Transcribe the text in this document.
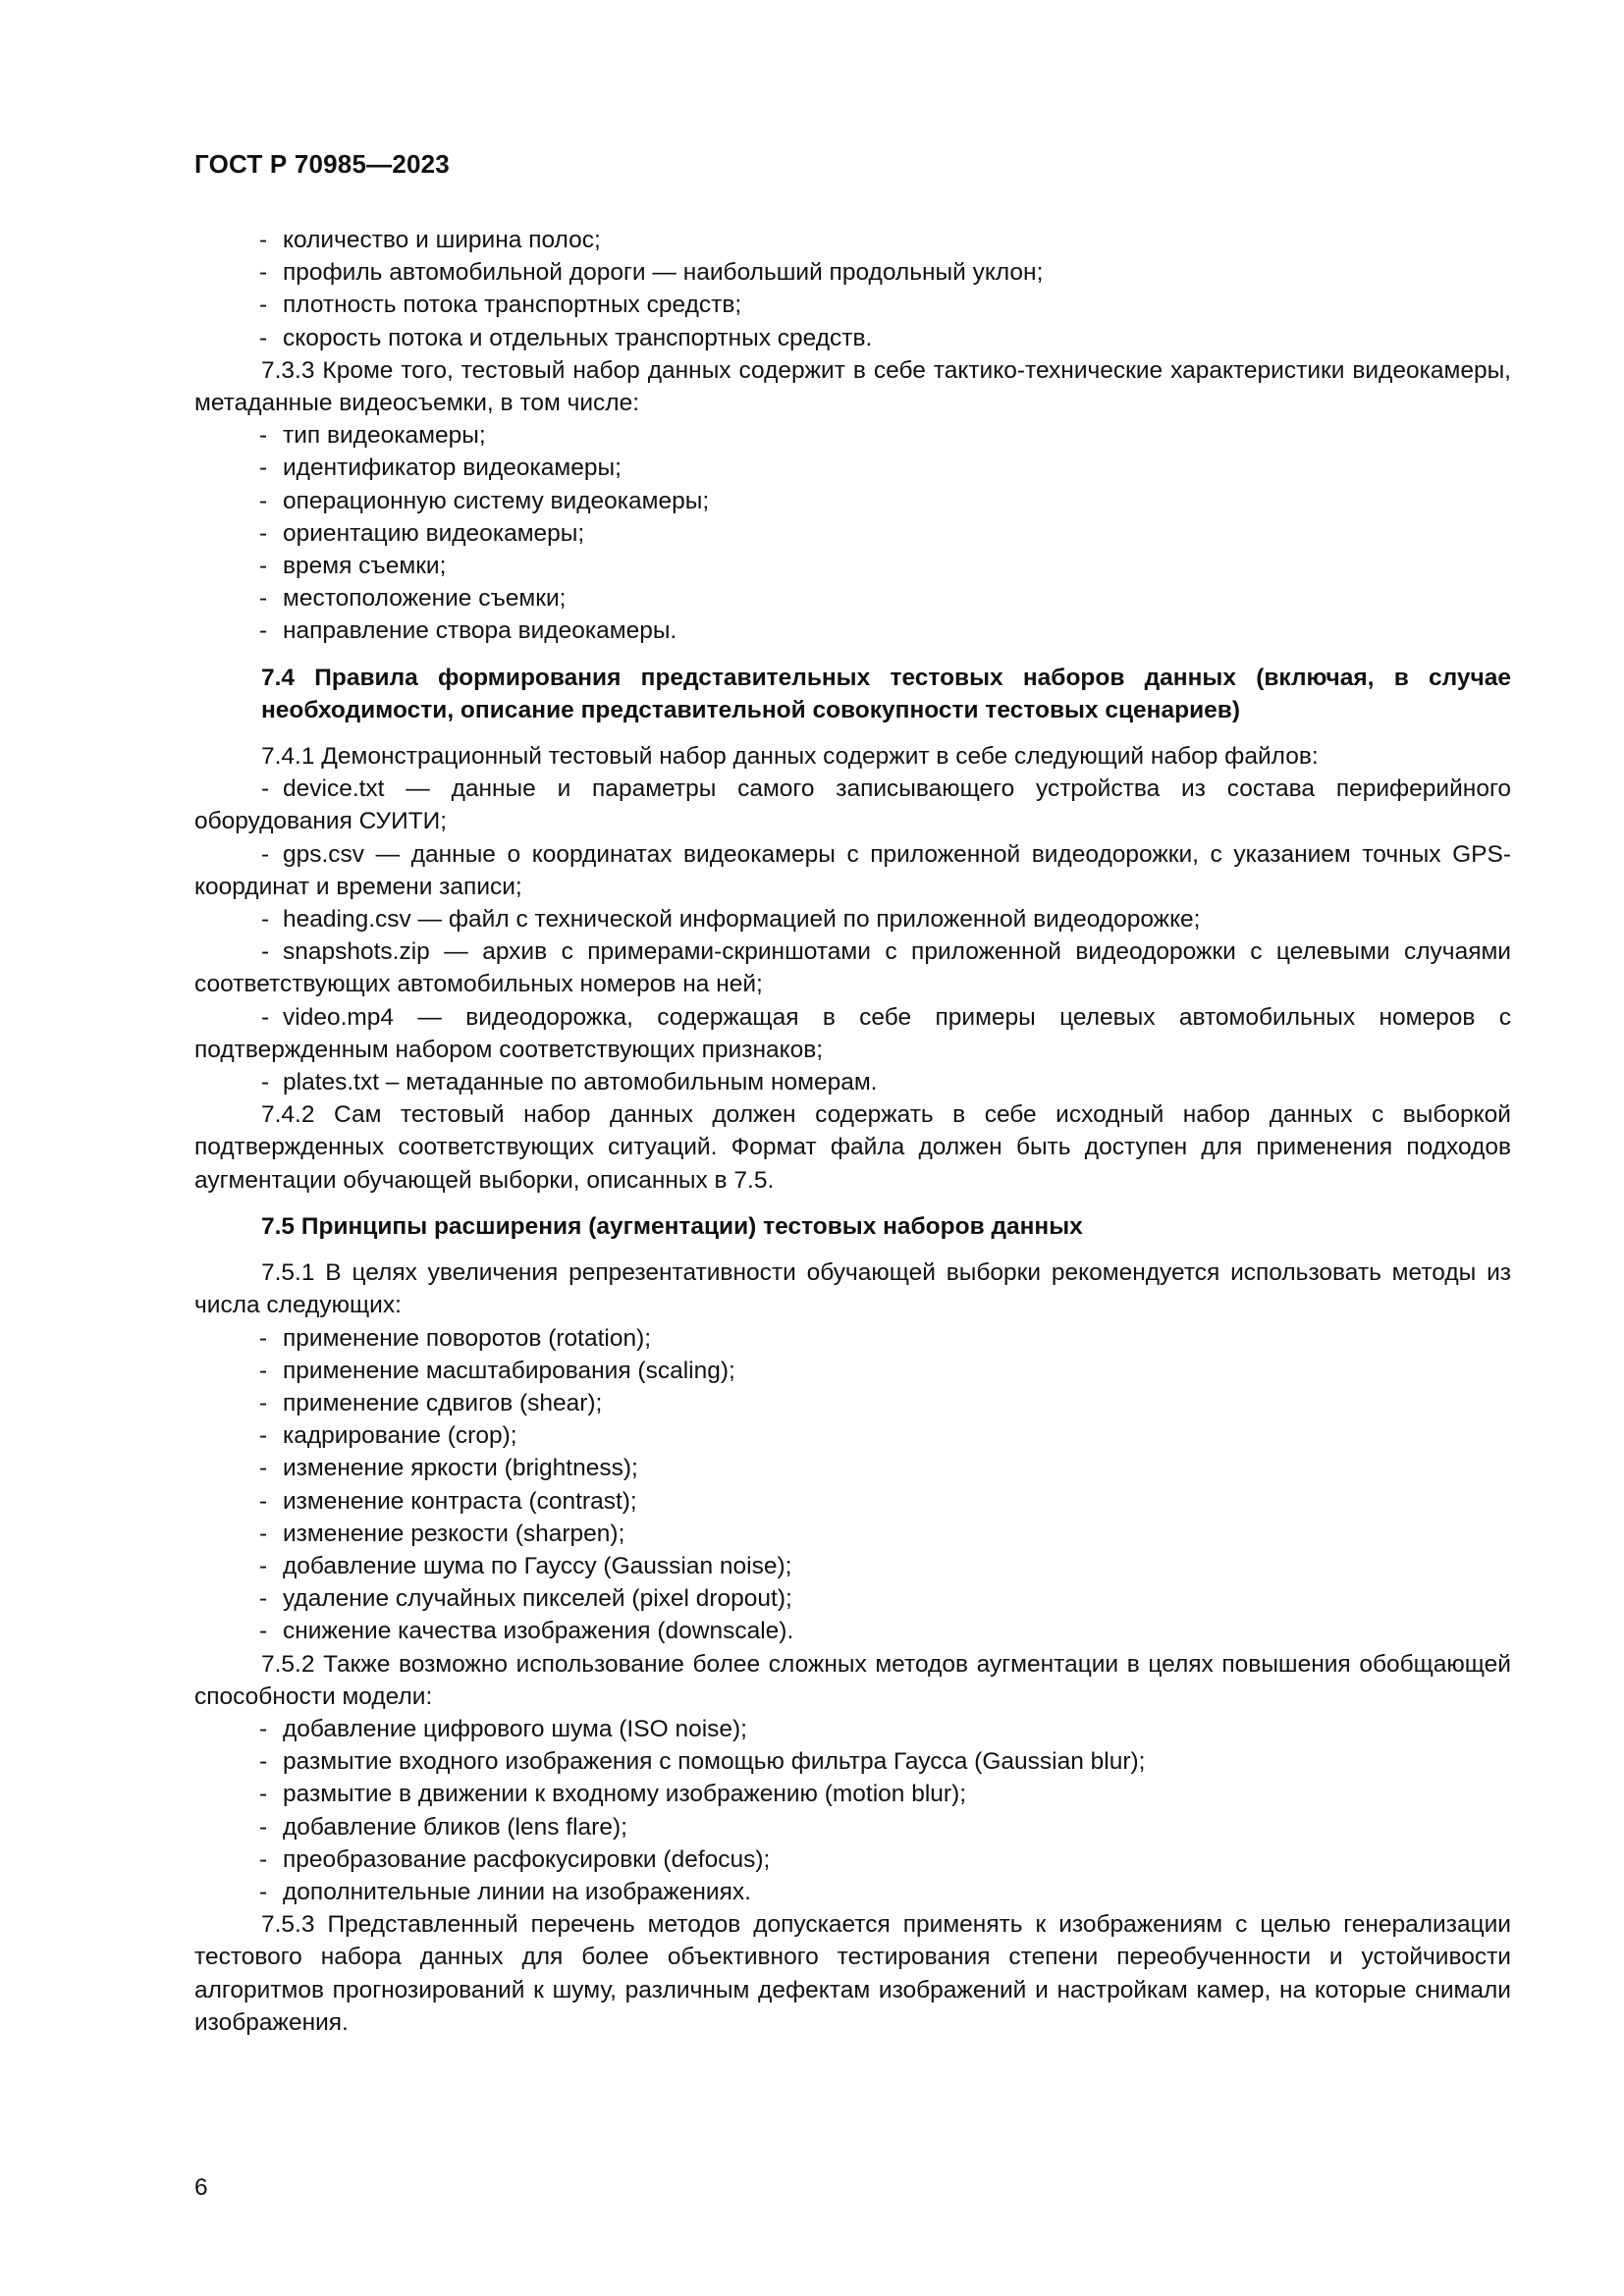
ГОСТ Р 70985—2023

- количество и ширина полос;

- профиль автомобильной дороги — наибольший продольный уклон;

- плотность потока транспортных средств;

- скорость потока и отдельных транспортных средств.

7.3.3 Кроме того, тестовый набор данных содержит в себе тактико-технические характеристики видеокамеры, метаданные видеосъемки, в том числе:

- тип видеокамеры;

- идентификатор видеокамеры;

- операционную систему видеокамеры;

- ориентацию видеокамеры;

- время съемки;

- местоположение съемки;

- направление створа видеокамеры.

7.4 Правила формирования представительных тестовых наборов данных (включая, в случае необходимости, описание представительной совокупности тестовых сценариев)

7.4.1 Демонстрационный тестовый набор данных содержит в себе следующий набор файлов:

- device.txt — данные и параметры самого записывающего устройства из состава периферийного оборудования СУИТИ;

- gps.csv — данные о координатах видеокамеры с приложенной видеодорожки, с указанием точных GPS-координат и времени записи;

- heading.csv — файл с технической информацией по приложенной видеодорожке;

- snapshots.zip — архив с примерами-скриншотами с приложенной видеодорожки с целевыми случаями соответствующих автомобильных номеров на ней;

- video.mp4 — видеодорожка, содержащая в себе примеры целевых автомобильных номеров с подтвержденным набором соответствующих признаков;

- plates.txt – метаданные по автомобильным номерам.

7.4.2 Сам тестовый набор данных должен содержать в себе исходный набор данных с выборкой подтвержденных соответствующих ситуаций. Формат файла должен быть доступен для применения подходов аугментации обучающей выборки, описанных в 7.5.

7.5 Принципы расширения (аугментации) тестовых наборов данных

7.5.1 В целях увеличения репрезентативности обучающей выборки рекомендуется использовать методы из числа следующих:

- применение поворотов (rotation);

- применение масштабирования (scaling);

- применение сдвигов (shear);

- кадрирование (crop);

- изменение яркости (brightness);

- изменение контраста (contrast);

- изменение резкости (sharpen);

- добавление шума по Гауссу (Gaussian noise);

- удаление случайных пикселей (pixel dropout);

- снижение качества изображения (downscale).

7.5.2 Также возможно использование более сложных методов аугментации в целях повышения обобщающей способности модели:

- добавление цифрового шума (ISO noise);

- размытие входного изображения с помощью фильтра Гаусса (Gaussian blur);

- размытие в движении к входному изображению (motion blur);

- добавление бликов (lens flare);

- преобразование расфокусировки (defocus);

- дополнительные линии на изображениях.

7.5.3 Представленный перечень методов допускается применять к изображениям с целью генерализации тестового набора данных для более объективного тестирования степени переобученности и устойчивости алгоритмов прогнозирований к шуму, различным дефектам изображений и настройкам камер, на которые снимали изображения.

6
